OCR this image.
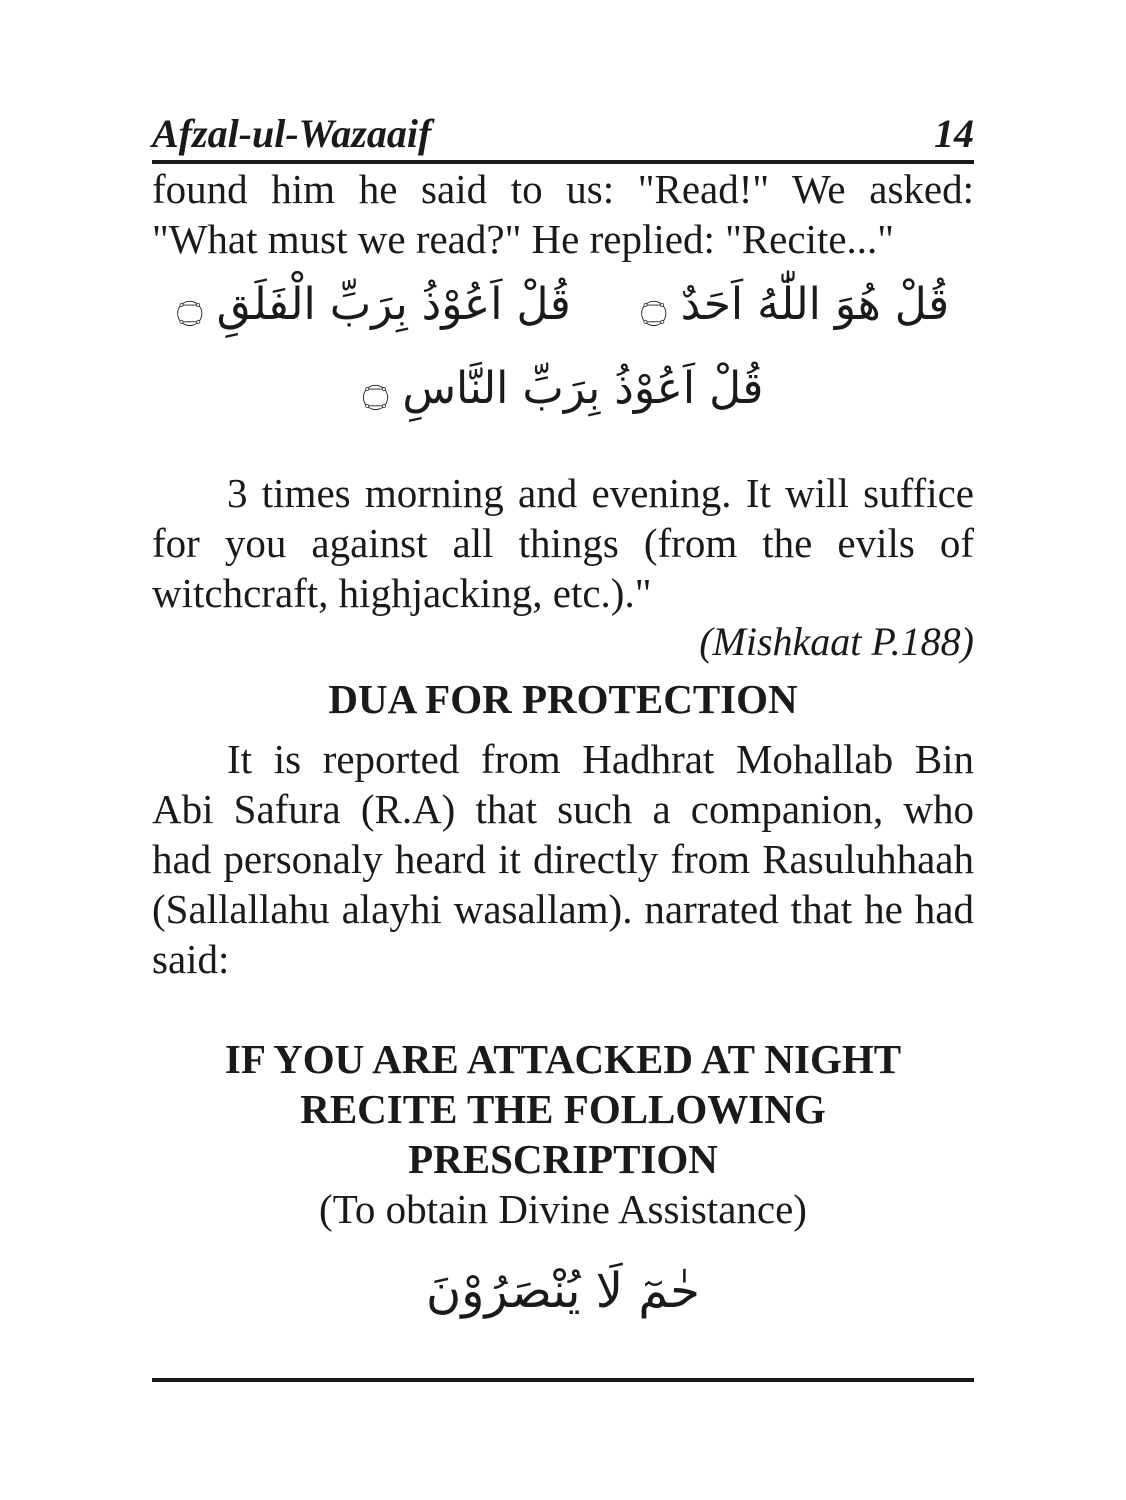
Afzal-ul-Wazaaif	14

found him he said to us: "Read!" We asked: "What must we read?" He replied: "Recite..."

قُلْ اَعُوْذُ بِرَبِّ الْفَلَقِ ۝ قُلْ هُوَ اللّٰهُ اَحَدٌ ۝
قُلْ اَعُوْذُ بِرَبِّ النَّاسِ ۝

3 times morning and evening. It will suffice for you against all things (from the evils of witchcraft, highjacking, etc.)."

(Mishkaat P.188)
DUA FOR PROTECTION

It is reported from Hadhrat Mohallab Bin Abi Safura (R.A) that such a companion, who had personaly heard it directly from Rasuluhhaah (Sallallahu alayhi wasallam). narrated that he had said:

IF YOU ARE ATTACKED AT NIGHT
RECITE THE FOLLOWING
PRESCRIPTION
(To obtain Divine Assistance)
حٰمٓ لَا يُنْصَرُوْنَ
